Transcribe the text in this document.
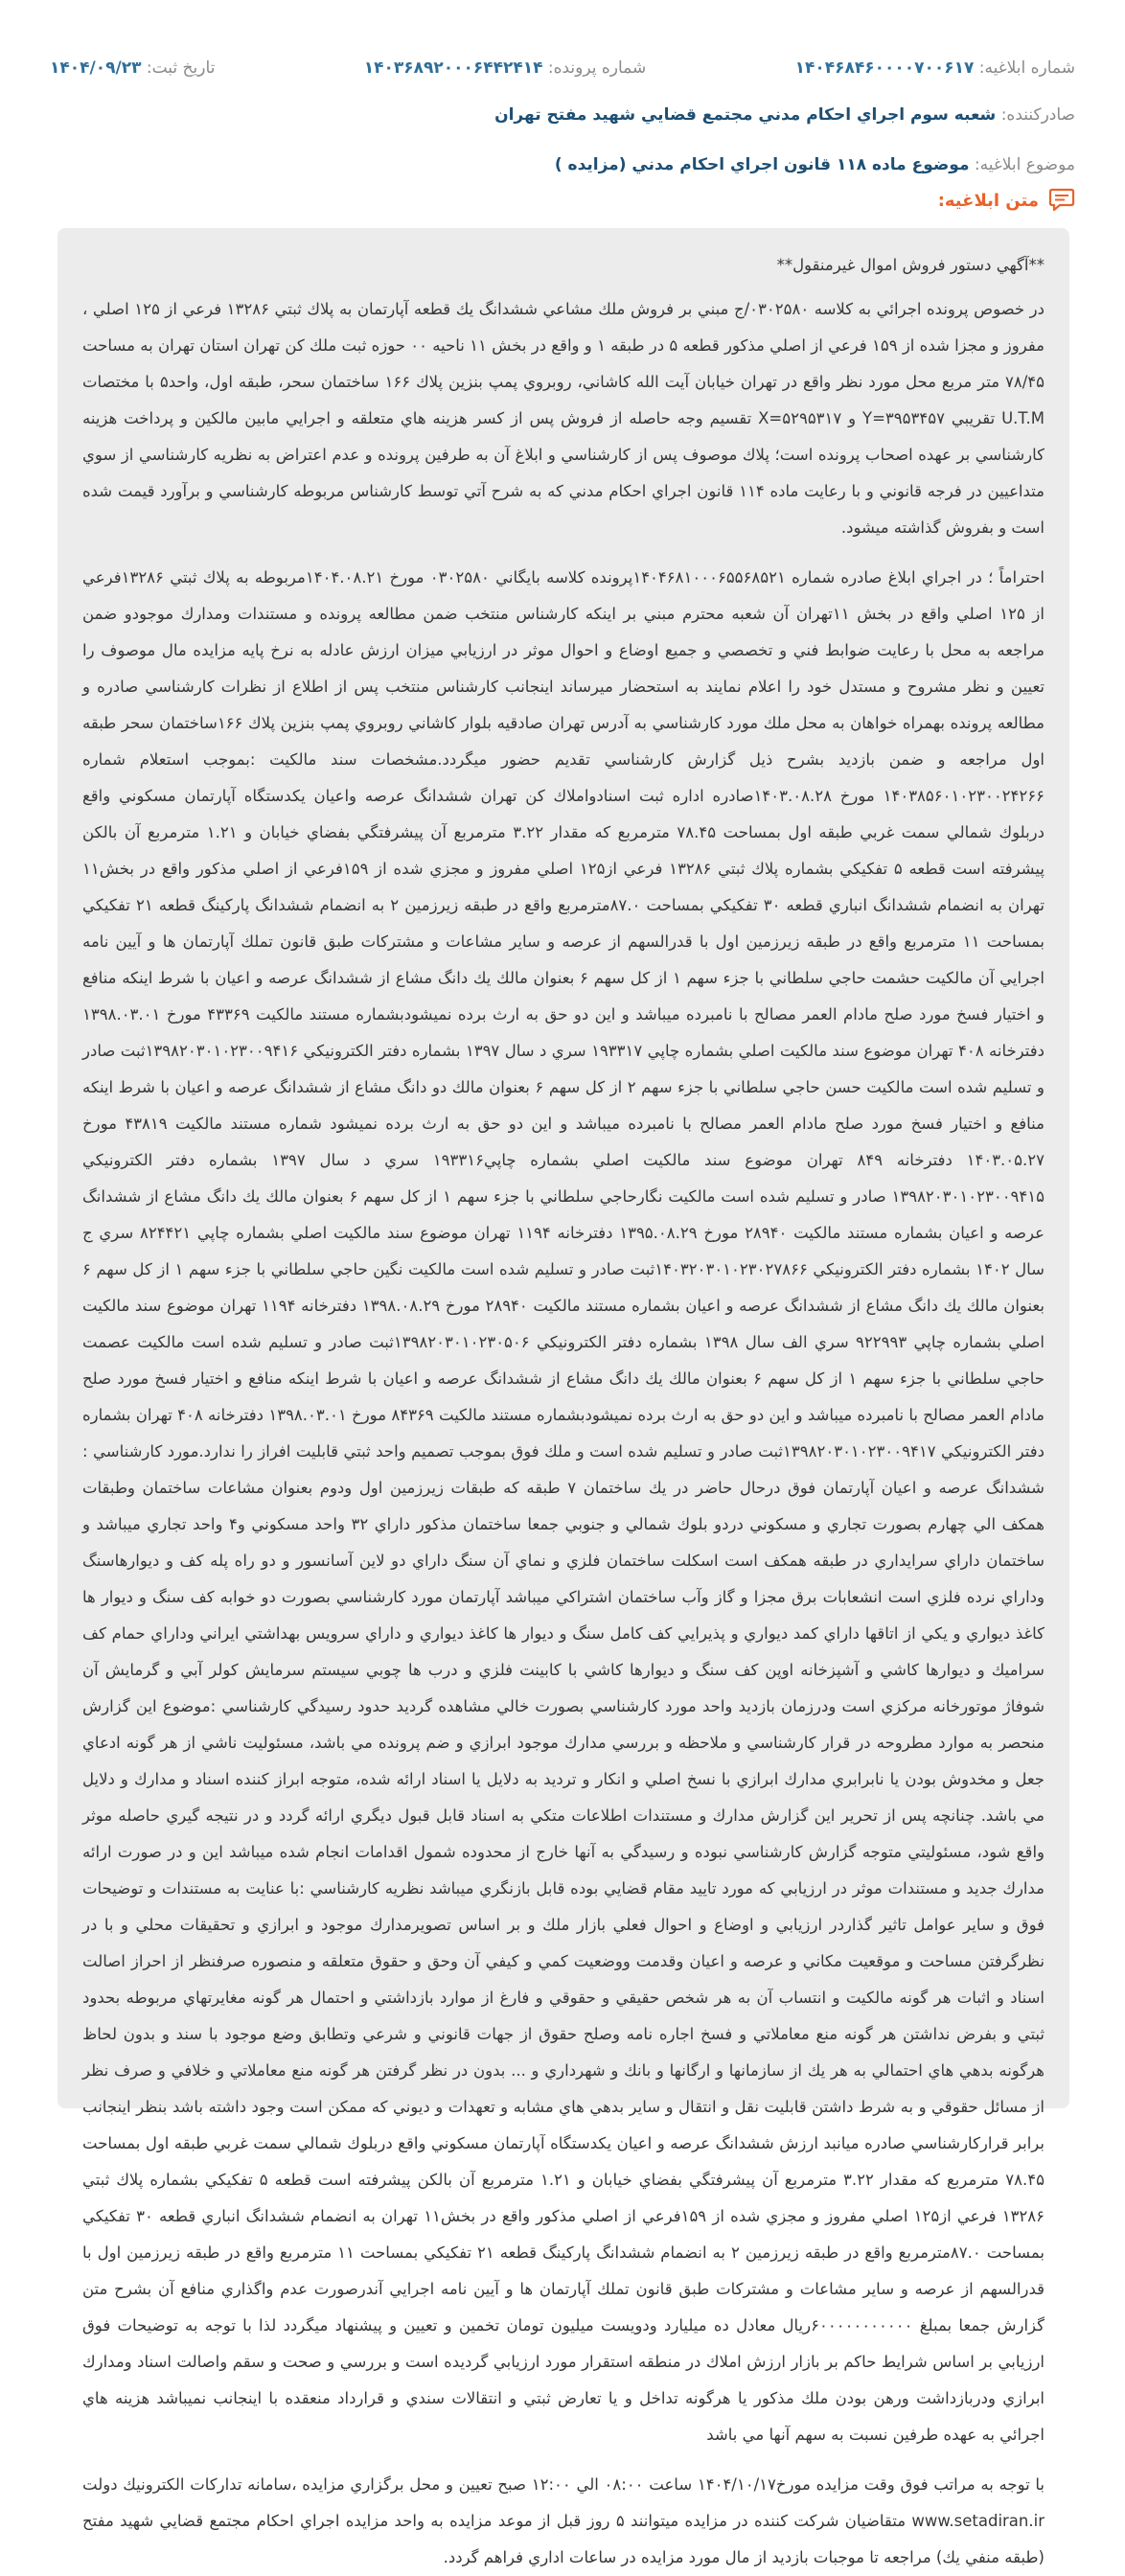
شماره ابلاغيه: ۱۴۰۴۶۸۴۶۰۰۰۰۷۰۰۶۱۷
شماره پرونده: ۱۴۰۳۶۸۹۲۰۰۰۶۴۴۲۴۱۴
تاريخ ثبت: ۱۴۰۴/۰۹/۲۳
صادركننده: شعبه سوم اجراي احكام مدني مجتمع قضايي شهيد مفتح تهران
موضوع ابلاغيه: موضوع ماده ۱۱۸ قانون اجراي احكام مدني (مزايده )
متن ابلاغيه:

**آگهي دستور فروش اموال غيرمنقول**

در خصوص پرونده اجرائي به كلاسه ۰۳۰۲۵۸۰/ج مبني بر فروش ملك مشاعي ششدانگ يك قطعه آپارتمان به پلاك ثبتي ۱۳۲۸۶ فرعي از ۱۲۵ اصلي ، مفروز و مجزا شده از ۱۵۹ فرعي از اصلي مذكور قطعه ۵ در طبقه ۱ و واقع در بخش ۱۱ ناحيه ۰۰ حوزه ثبت ملك كن تهران استان تهران به مساحت ۷۸/۴۵ متر مربع محل مورد نظر واقع در تهران خيابان آيت الله كاشاني، روبروي پمپ بنزين پلاك ۱۶۶ ساختمان سحر، طبقه اول، واحد۵ با مختصات U.T.M تقريبي ۳۹۵۳۴۵۷=Y و ۵۲۹۵۳۱۷=X تقسيم وجه حاصله از فروش پس از كسر هزينه هاي متعلقه و اجرايي مابين مالكين و پرداخت هزينه كارشناسي بر عهده اصحاب پرونده است؛ پلاك موصوف پس از كارشناسي و ابلاغ آن به طرفين پرونده و عدم اعتراض به نظريه كارشناسي از سوي متداعيين در فرجه قانوني و با رعايت ماده ۱۱۴ قانون اجراي احكام مدني كه به شرح آتي توسط كارشناس مربوطه كارشناسي و برآورد قيمت شده است و بفروش گذاشته ميشود.

احتراماً ؛ در اجراي ابلاغ صادره شماره ۱۴۰۴۶۸۱۰۰۰۶۵۵۶۸۵۲۱پرونده كلاسه بايگاني ۰۳۰۲۵۸۰ مورخ ۱۴۰۴.۰۸.۲۱مربوطه به پلاك ثبتي ۱۳۲۸۶فرعي از ۱۲۵ اصلي واقع در بخش ۱۱تهران آن شعبه محترم مبني بر اينكه كارشناس منتخب ضمن مطالعه پرونده و مستندات ومدارك موجودو ضمن مراجعه به محل با رعايت ضوابط فني و تخصصي و جميع اوضاع و احوال موثر در ارزيابي ميزان ارزش عادله به نرخ پايه مزايده مال موصوف را تعيين و نظر مشروح و مستدل خود را اعلام نمايند به استحضار ميرساند اينجانب كارشناس منتخب پس از اطلاع از نظرات كارشناسي صادره و مطالعه پرونده بهمراه خواهان به محل ملك مورد كارشناسي به آدرس تهران صادقيه بلوار كاشاني روبروي پمپ بنزين پلاك ۱۶۶ساختمان سحر طبقه اول مراجعه و ضمن بازديد بشرح ذيل گزارش كارشناسي تقديم حضور ميگردد.مشخصات سند مالكيت :بموجب استعلام شماره ۱۴۰۳۸۵۶۰۱۰۲۳۰۰۲۴۲۶۶ مورخ ۱۴۰۳.۰۸.۲۸صادره اداره ثبت اسنادواملاك كن تهران ششدانگ عرصه واعيان يكدستگاه آپارتمان مسكوني واقع دربلوك شمالي سمت غربي طبقه اول بمساحت ۷۸.۴۵ مترمربع كه مقدار ۳.۲۲ مترمربع آن پيشرفتگي بفضاي خيابان و ۱.۲۱ مترمربع آن بالكن پيشرفته است قطعه ۵ تفكيكي بشماره پلاك ثبتي ۱۳۲۸۶ فرعي از۱۲۵ اصلي مفروز و مجزي شده از ۱۵۹فرعي از اصلي مذكور واقع در بخش۱۱ تهران به انضمام ششدانگ انباري قطعه ۳۰ تفكيكي بمساحت ۸۷.۰مترمربع واقع در طبقه زيرزمين ۲ به انضمام ششدانگ پاركينگ قطعه ۲۱ تفكيكي بمساحت ۱۱ مترمربع واقع در طبقه زيرزمين اول با قدرالسهم از عرصه و ساير مشاعات و مشتركات طبق قانون تملك آپارتمان ها و آيين نامه اجرايي آن مالكيت حشمت حاجي سلطاني با جزء سهم ۱ از كل سهم ۶ بعنوان مالك يك دانگ مشاع از ششدانگ عرصه و اعيان با شرط اينكه منافع و اختيار فسخ مورد صلح مادام العمر مصالح با نامبرده ميباشد و اين دو حق به ارث برده نميشودبشماره مستند مالكيت ۴۳۳۶۹ مورخ ۱۳۹۸.۰۳.۰۱ دفترخانه ۴۰۸ تهران موضوع سند مالكيت اصلي بشماره چاپي ۱۹۳۳۱۷ سري د سال ۱۳۹۷ بشماره دفتر الكترونيكي ۱۳۹۸۲۰۳۰۱۰۲۳۰۰۹۴۱۶ثبت صادر و تسليم شده است مالكيت حسن حاجي سلطاني با جزء سهم ۲ از كل سهم ۶ بعنوان مالك دو دانگ مشاع از ششدانگ عرصه و اعيان با شرط اينكه منافع و اختيار فسخ مورد صلح مادام العمر مصالح با نامبرده ميباشد و اين دو حق به ارث برده نميشود شماره مستند مالكيت ۴۳۸۱۹ مورخ ۱۴۰۳.۰۵.۲۷ دفترخانه ۸۴۹ تهران موضوع سند مالكيت اصلي بشماره چاپي۱۹۳۳۱۶ سري د سال ۱۳۹۷ بشماره دفتر الكترونيكي ۱۳۹۸۲۰۳۰۱۰۲۳۰۰۹۴۱۵ صادر و تسليم شده است مالكيت نگارحاجي سلطاني با جزء سهم ۱ از كل سهم ۶ بعنوان مالك يك دانگ مشاع از ششدانگ عرصه و اعيان بشماره مستند مالكيت ۲۸۹۴۰ مورخ ۱۳۹۵.۰۸.۲۹ دفترخانه ۱۱۹۴ تهران موضوع سند مالكيت اصلي بشماره چاپي ۸۲۴۴۲۱ سري ج سال ۱۴۰۲ بشماره دفتر الكترونيكي ۱۴۰۳۲۰۳۰۱۰۲۳۰۲۷۸۶۶ثبت صادر و تسليم شده است مالكيت نگين حاجي سلطاني با جزء سهم ۱ از كل سهم ۶ بعنوان مالك يك دانگ مشاع از ششدانگ عرصه و اعيان بشماره مستند مالكيت ۲۸۹۴۰ مورخ ۱۳۹۸.۰۸.۲۹ دفترخانه ۱۱۹۴ تهران موضوع سند مالكيت اصلي بشماره چاپي ۹۲۲۹۹۳ سري الف سال ۱۳۹۸ بشماره دفتر الكترونيكي ۱۳۹۸۲۰۳۰۱۰۲۳۰۵۰۶ثبت صادر و تسليم شده است مالكيت عصمت حاجي سلطاني با جزء سهم ۱ از كل سهم ۶ بعنوان مالك يك دانگ مشاع از ششدانگ عرصه و اعيان با شرط اينكه منافع و اختيار فسخ مورد صلح مادام العمر مصالح با نامبرده ميباشد و اين دو حق به ارث برده نميشودبشماره مستند مالكيت ۸۴۳۶۹ مورخ ۱۳۹۸.۰۳.۰۱ دفترخانه ۴۰۸ تهران بشماره دفتر الكترونيكي ۱۳۹۸۲۰۳۰۱۰۲۳۰۰۹۴۱۷ثبت صادر و تسليم شده است و ملك فوق بموجب تصميم واحد ثبتي قابليت افراز را ندارد.مورد كارشناسي : ششدانگ عرصه و اعيان آپارتمان فوق درحال حاضر در يك ساختمان ۷ طبقه كه طبقات زيرزمين اول ودوم بعنوان مشاعات ساختمان وطبقات همكف الي چهارم بصورت تجاري و مسكوني دردو بلوك شمالي و جنوبي جمعا ساختمان مذكور داراي ۳۲ واحد مسكوني و۴ واحد تجاري ميباشد و ساختمان داراي سرايداري در طبقه همكف است اسكلت ساختمان فلزي و نماي آن سنگ داراي دو لاين آسانسور و دو راه پله كف و ديوارهاسنگ وداراي نرده فلزي است انشعابات برق مجزا و گاز وآب ساختمان اشتراكي ميباشد آپارتمان مورد كارشناسي بصورت دو خوابه كف سنگ و ديوار ها كاغذ ديواري و يكي از اتاقها داراي كمد ديواري و پذيرايي كف كامل سنگ و ديوار ها كاغذ ديواري و داراي سرويس بهداشتي ايراني وداراي حمام كف سراميك و ديوارها كاشي و آشپزخانه اوپن كف سنگ و ديوارها كاشي با كابينت فلزي و درب ها چوبي سيستم سرمايش كولر آبي و گرمايش آن شوفاژ موتورخانه مركزي است ودرزمان بازديد واحد مورد كارشناسي بصورت خالي مشاهده گرديد حدود رسيدگي كارشناسي :موضوع اين گزارش منحصر به موارد مطروحه در قرار كارشناسي و ملاحظه و بررسي مدارك موجود ابرازي و ضم پرونده مي باشد، مسئوليت ناشي از هر گونه ادعاي جعل و مخدوش بودن يا نابرابري مدارك ابرازي با نسخ اصلي و انكار و ترديد به دلايل يا اسناد ارائه شده، متوجه ابراز كننده اسناد و مدارك و دلايل مي باشد. چنانچه پس از تحرير اين گزارش مدارك و مستندات اطلاعات متكي به اسناد قابل قبول ديگري ارائه گردد و در نتيجه گيري حاصله موثر واقع شود، مسئوليتي متوجه گزارش كارشناسي نبوده و رسيدگي به آنها خارج از محدوده شمول اقدامات انجام شده ميباشد اين و در صورت ارائه مدارك جديد و مستندات موثر در ارزيابي كه مورد تاييد مقام قضايي بوده قابل بازنگري ميباشد نظريه كارشناسي :با عنايت به مستندات و توضيحات فوق و ساير عوامل تاثير گذاردر ارزيابي و اوضاع و احوال فعلي بازار ملك و بر اساس تصويرمدارك موجود و ابرازي و تحقيقات محلي و با در نظرگرفتن مساحت و موقعيت مكاني و عرصه و اعيان وقدمت ووضعيت كمي و كيفي آن وحق و حقوق متعلقه و منصوره صرفنظر از احراز اصالت اسناد و اثبات هر گونه مالكيت و انتساب آن به هر شخص حقيقي و حقوقي و فارغ از موارد بازداشتي و احتمال هر گونه مغايرتهاي مربوطه بحدود ثبتي و بفرض نداشتن هر گونه منع معاملاتي و فسخ اجاره نامه وصلح حقوق از جهات قانوني و شرعي وتطابق وضع موجود با سند و بدون لحاظ هرگونه بدهي هاي احتمالي به هر يك از سازمانها و ارگانها و بانك و شهرداري و ... بدون در نظر گرفتن هر گونه منع معاملاتي و خلافي و صرف نظر از مسائل حقوقي و به شرط داشتن قابليت نقل و انتقال و ساير بدهي هاي مشابه و تعهدات و ديوني كه ممكن است وجود داشته باشد بنظر اينجانب برابر قراركارشناسي صادره ميانبد ارزش ششدانگ عرصه و اعيان يكدستگاه آپارتمان مسكوني واقع دربلوك شمالي سمت غربي طبقه اول بمساحت ۷۸.۴۵ مترمربع كه مقدار ۳.۲۲ مترمربع آن پيشرفتگي بفضاي خيابان و ۱.۲۱ مترمربع آن بالكن پيشرفته است قطعه ۵ تفكيكي بشماره پلاك ثبتي ۱۳۲۸۶ فرعي از۱۲۵ اصلي مفروز و مجزي شده از ۱۵۹فرعي از اصلي مذكور واقع در بخش۱۱ تهران به انضمام ششدانگ انباري قطعه ۳۰ تفكيكي بمساحت ۸۷.۰مترمربع واقع در طبقه زيرزمين ۲ به انضمام ششدانگ پاركينگ قطعه ۲۱ تفكيكي بمساحت ۱۱ مترمربع واقع در طبقه زيرزمين اول با قدرالسهم از عرصه و ساير مشاعات و مشتركات طبق قانون تملك آپارتمان ها و آيين نامه اجرايي آندرصورت عدم واگذاري منافع آن بشرح متن گزارش جمعا بمبلغ ۶۰۰۰۰۰۰۰۰۰۰۰ريال معادل ده ميليارد ودويست ميليون تومان تخمين و تعيين و پيشنهاد ميگردد لذا با توجه به توضيحات فوق ارزيابي بر اساس شرايط حاكم بر بازار ارزش املاك در منطقه استقرار مورد ارزيابي گرديده است و بررسي و صحت و سقم واصالت اسناد ومدارك ابرازي ودربازداشت ورهن بودن ملك مذكور يا هرگونه تداخل و يا تعارض ثبتي و انتقالات سندي و قرارداد منعقده با اينجانب نميباشد هزينه هاي اجرائي به عهده طرفين نسبت به سهم آنها مي باشد

با توجه به مراتب فوق وقت مزايده مورخ۱۴۰۴/۱۰/۱۷ ساعت ۰۸:۰۰ الي ۱۲:۰۰ صبح تعيين و محل برگزاري مزايده ،سامانه تداركات الكترونيك دولت www.setadiran.ir متقاضيان شركت كننده در مزايده ميتوانند ۵ روز قبل از موعد مزايده به واحد مزايده اجراي احكام مجتمع قضايي شهيد مفتح (طبقه منفي يك) مراجعه تا موجبات بازديد از مال مورد مزايده در ساعات اداري فراهم گردد.
